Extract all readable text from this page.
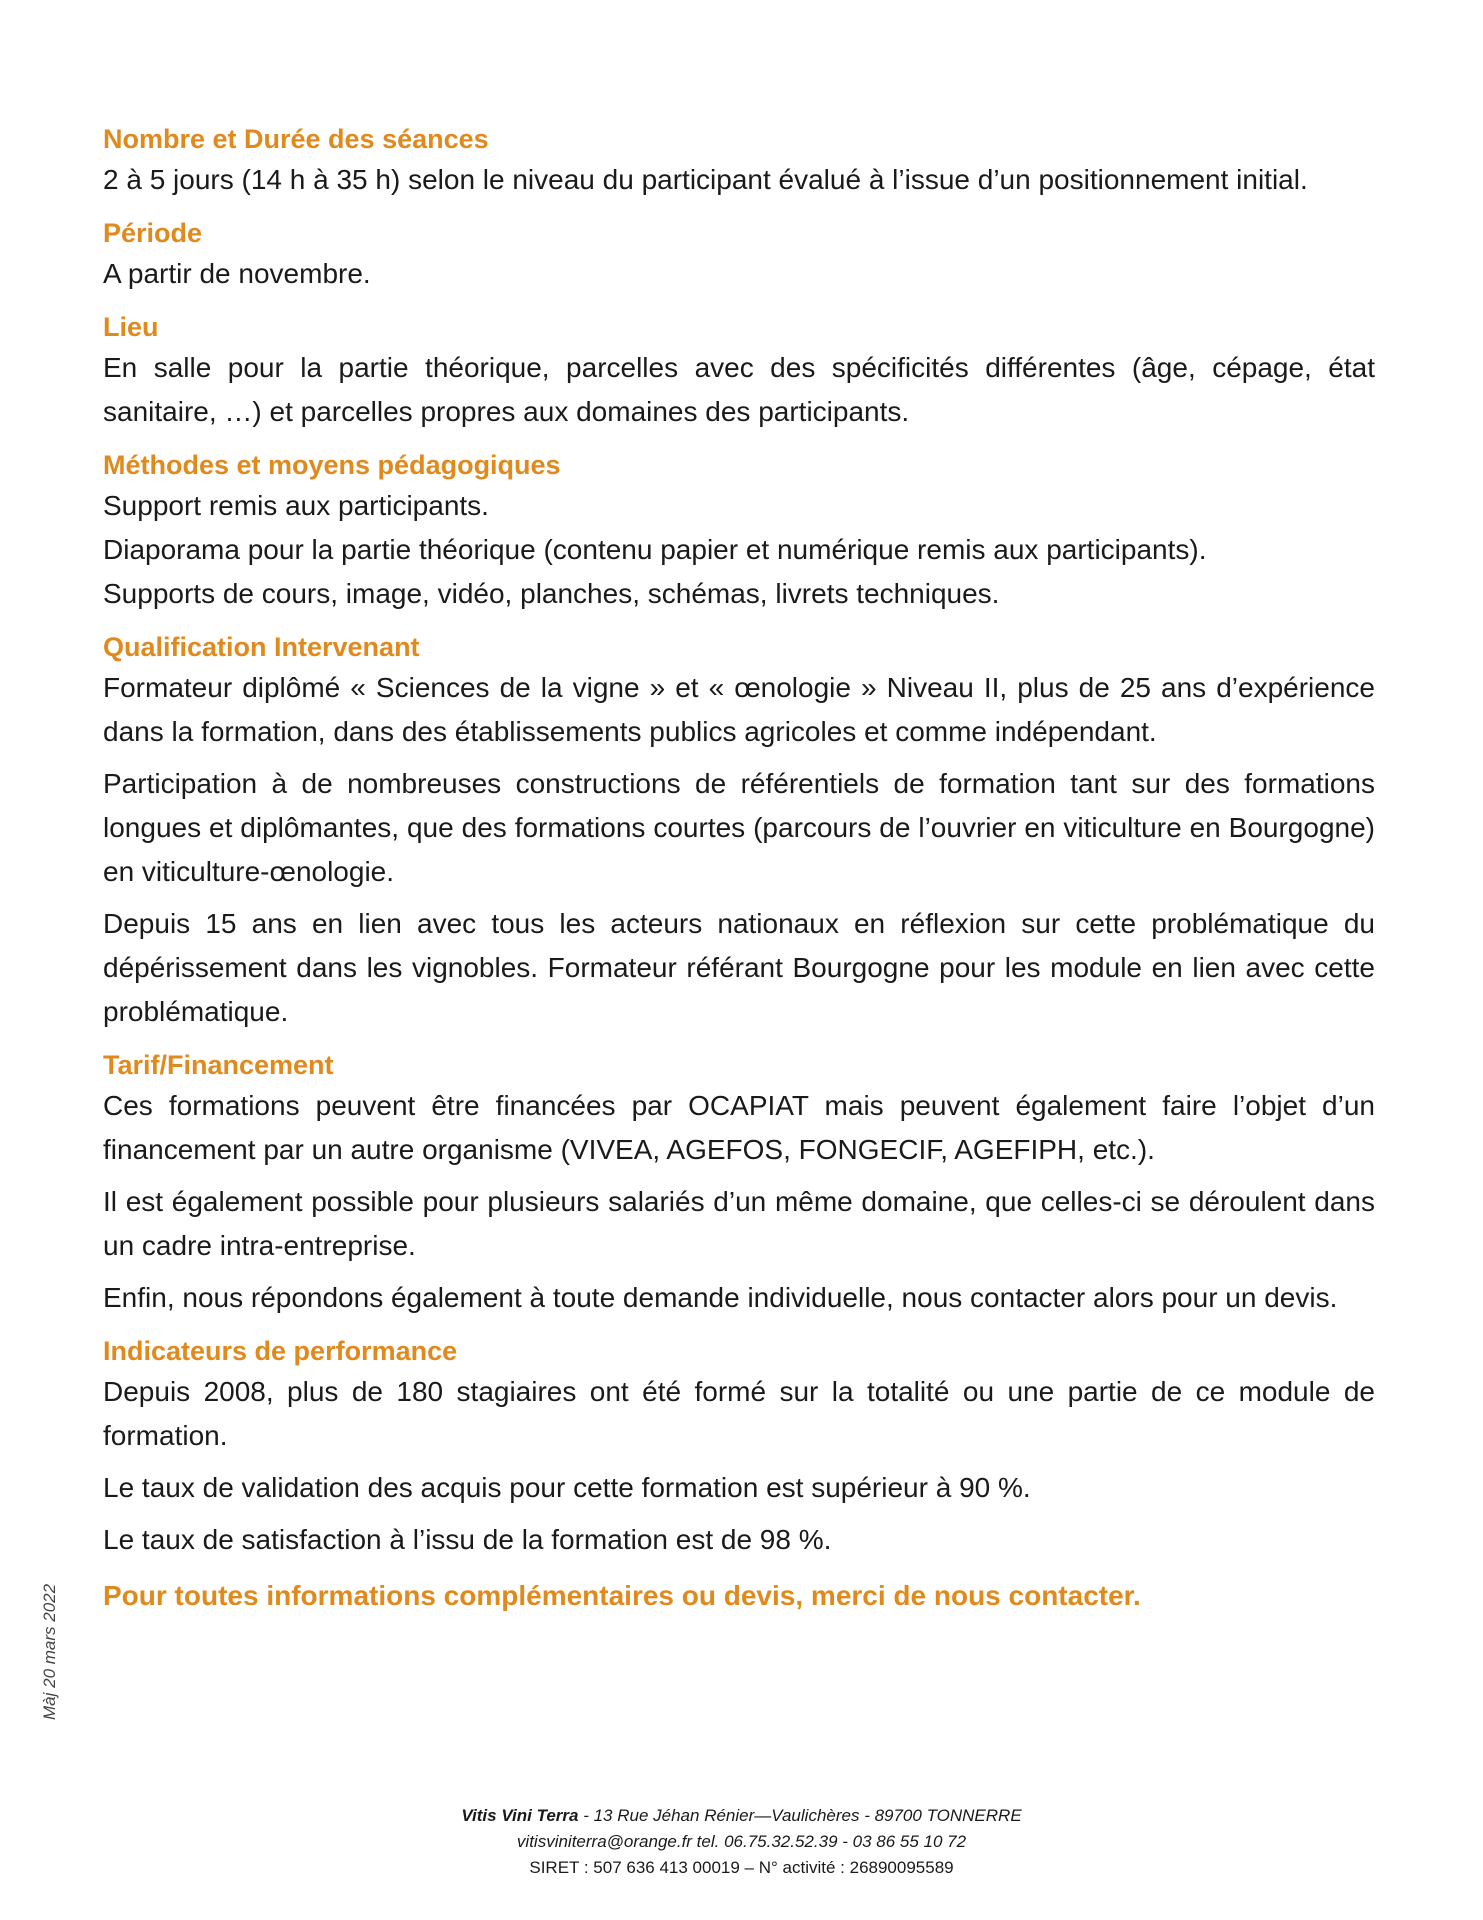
Nombre et Durée des séances

2 à 5 jours (14 h à 35 h) selon le niveau du participant évalué à l’issue d’un positionnement initial.

Période

A partir de novembre.

Lieu

En salle pour la partie théorique, parcelles avec des spécificités différentes (âge, cépage, état sanitaire, …) et parcelles propres aux domaines des participants.

Méthodes et moyens pédagogiques

Support remis aux participants.

Diaporama pour la partie théorique (contenu papier et numérique remis aux participants).

Supports de cours, image, vidéo, planches, schémas, livrets techniques.

Qualification Intervenant

Formateur diplômé « Sciences de la vigne » et « œnologie » Niveau II, plus de 25 ans d’expérience dans la formation, dans des établissements publics agricoles et comme indépendant.

Participation à de nombreuses constructions de référentiels de formation tant sur des formations longues et diplômantes, que des formations courtes (parcours de l’ouvrier en viticulture en Bourgogne) en viticulture-œnologie.

Depuis 15 ans en lien avec tous les acteurs nationaux en réflexion sur cette problématique du dépérissement dans les vignobles. Formateur référant Bourgogne pour les module en lien avec cette problématique.

Tarif/Financement

Ces formations peuvent être financées par OCAPIAT mais peuvent également faire l’objet d’un financement par un autre organisme (VIVEA, AGEFOS, FONGECIF, AGEFIPH, etc.).

Il est également possible pour plusieurs salariés d’un même domaine, que celles-ci se déroulent dans un cadre intra-entreprise.

Enfin, nous répondons également à toute demande individuelle, nous contacter alors pour un devis.

Indicateurs de performance

Depuis 2008, plus de 180 stagiaires ont été formé sur la totalité ou une partie de ce module de formation.

Le taux de validation des acquis pour cette formation est supérieur à 90 %.

Le taux de satisfaction à l’issu de la formation est de 98 %.

Pour toutes informations complémentaires ou devis, merci de nous contacter.
Vitis Vini Terra - 13 Rue Jéhan Rénier—Vaulichères - 89700 TONNERRE
vitisviniterra@orange.fr tel. 06.75.32.52.39 - 03 86 55 10 72
SIRET : 507 636 413 00019 – N° activité : 26890095589
Màj 20 mars 2022
